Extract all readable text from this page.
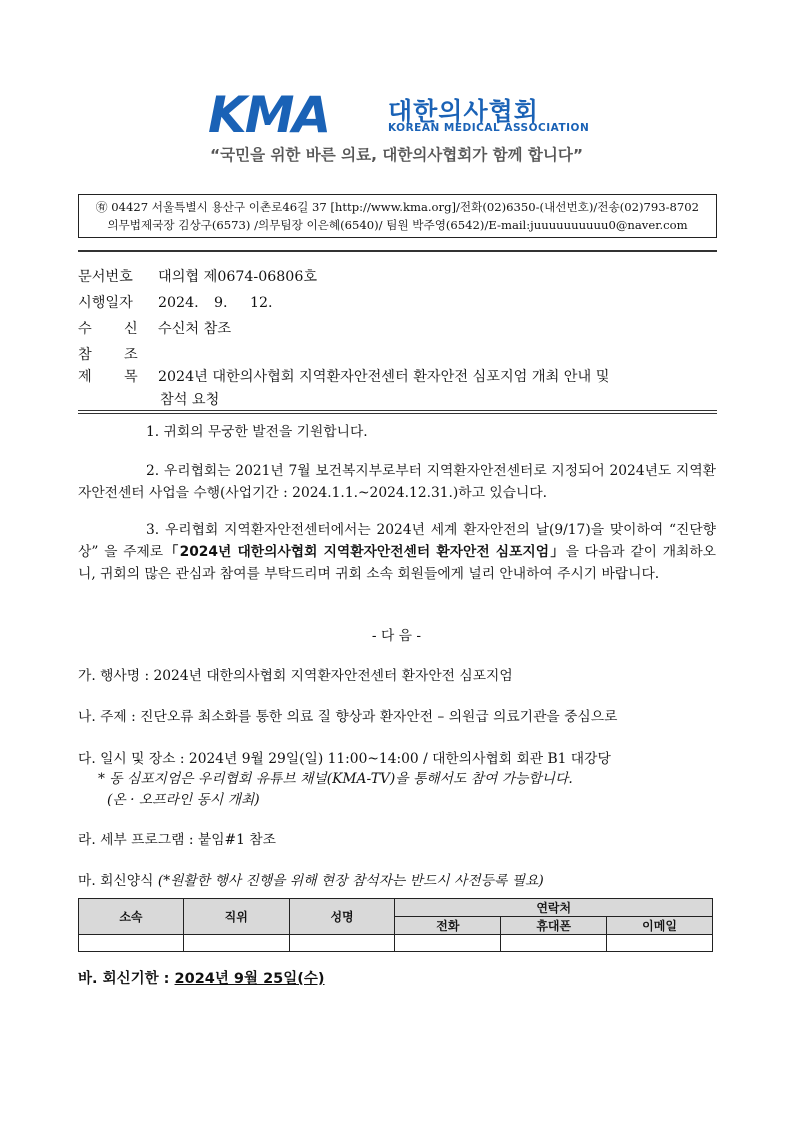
KMA 대한의사협회
KOREAN MEDICAL ASSOCIATION
“국민을 위한 바른 의료, 대한의사협회가 함께 합니다”
㊒ 04427 서울특별시 용산구 이촌로46길 37 [http://www.kma.org]/전화(02)6350-(내선번호)/전송(02)793-8702
의무법제국장 김상구(6573) /의무팀장 이은혜(6540)/ 팀원 박주영(6542)/E-mail:juuuuuuuuuu0@naver.com
문서번호 대의협 제0674-06806호
시행일자 2024. 9. 12.
수 신 수신처 참조
참 조
제 목 2024년 대한의사협회 지역환자안전센터 환자안전 심포지엄 개최 안내 및
참석 요청
1. 귀회의 무궁한 발전을 기원합니다.
2. 우리협회는 2021년 7월 보건복지부로부터 지역환자안전센터로 지정되어 2024년도 지역환자안전센터 사업을 수행(사업기간 : 2024.1.1.~2024.12.31.)하고 있습니다.
3. 우리협회 지역환자안전센터에서는 2024년 세계 환자안전의 날(9/17)을 맞이하여 “진단향상” 을 주제로「2024년 대한의사협회 지역환자안전센터 환자안전 심포지엄」을 다음과 같이 개최하오니, 귀회의 많은 관심과 참여를 부탁드리며 귀회 소속 회원들에게 널리 안내하여 주시기 바랍니다.
- 다 음 -
가. 행사명 : 2024년 대한의사협회 지역환자안전센터 환자안전 심포지엄
나. 주제 : 진단오류 최소화를 통한 의료 질 향상과 환자안전 – 의원급 의료기관을 중심으로
다. 일시 및 장소 : 2024년 9월 29일(일) 11:00~14:00 / 대한의사협회 회관 B1 대강당
* 동 심포지엄은 우리협회 유튜브 채널(KMA-TV)을 통해서도 참여 가능합니다.
(온 · 오프라인 동시 개최)
라. 세부 프로그램 : 붙임#1 참조
마. 회신양식 (*원활한 행사 진행을 위해 현장 참석자는 반드시 사전등록 필요)
소속	직위	성명	연락처		
			전화	휴대폰	이메일

바. 회신기한 : 2024년 9월 25일(수)
